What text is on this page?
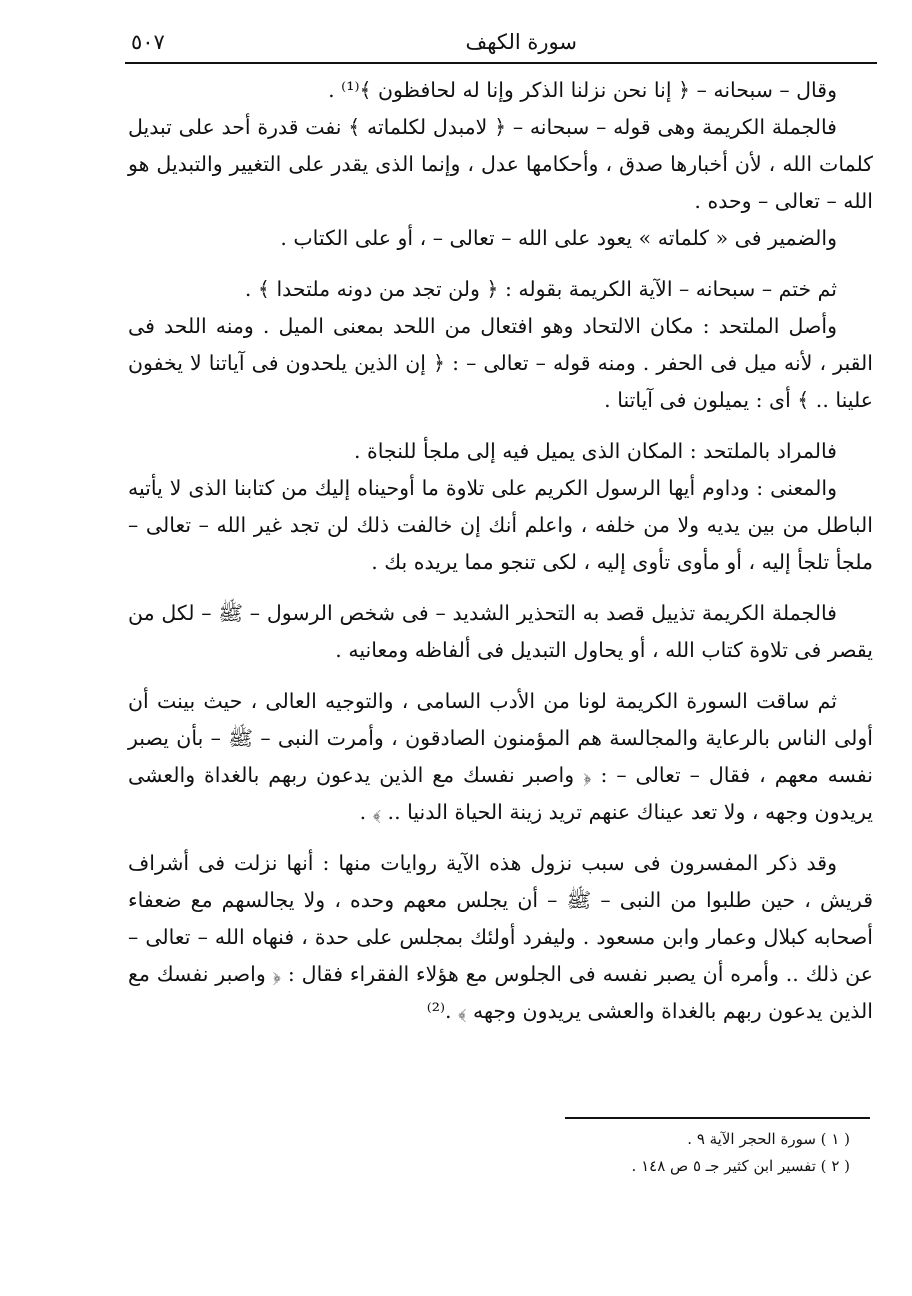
سورة الكهف
٥٠٧

وقال – سبحانه – ﴿ إنا نحن نزلنا الذكر وإنا له لحافظون ﴾⁽¹⁾ .

فالجملة الكريمة وهى قوله – سبحانه – ﴿ لامبدل لكلماته ﴾ نفت قدرة أحد على تبديل كلمات الله ، لأن أخبارها صدق ، وأحكامها عدل ، وإنما الذى يقدر على التغيير والتبديل هو الله – تعالى – وحده .

والضمير فى « كلماته » يعود على الله – تعالى – ، أو على الكتاب .

ثم ختم – سبحانه – الآية الكريمة بقوله : ﴿ ولن تجد من دونه ملتحدا ﴾ .

وأصل الملتحد : مكان الالتحاد وهو افتعال من اللحد بمعنى الميل . ومنه اللحد فى القبر ، لأنه ميل فى الحفر . ومنه قوله – تعالى – : ﴿ إن الذين يلحدون فى آياتنا لا يخفون علينا .. ﴾ أى : يميلون فى آياتنا .

فالمراد بالملتحد : المكان الذى يميل فيه إلى ملجأ للنجاة .

والمعنى : وداوم أيها الرسول الكريم على تلاوة ما أوحيناه إليك من كتابنا الذى لا يأتيه الباطل من بين يديه ولا من خلفه ، واعلم أنك إن خالفت ذلك لن تجد غير الله – تعالى – ملجأ تلجأ إليه ، أو مأوى تأوى إليه ، لكى تنجو مما يريده بك .

فالجملة الكريمة تذييل قصد به التحذير الشديد – فى شخص الرسول – ﷺ – لكل من يقصر فى تلاوة كتاب الله ، أو يحاول التبديل فى ألفاظه ومعانيه .

ثم ساقت السورة الكريمة لونا من الأدب السامى ، والتوجيه العالى ، حيث بينت أن أولى الناس بالرعاية والمجالسة هم المؤمنون الصادقون ، وأمرت النبى – ﷺ – بأن يصبر نفسه معهم ، فقال – تعالى – : ﴿ واصبر نفسك مع الذين يدعون ربهم بالغداة والعشى يريدون وجهه ، ولا تعد عيناك عنهم تريد زينة الحياة الدنيا .. ﴾ .

وقد ذكر المفسرون فى سبب نزول هذه الآية روايات منها : أنها نزلت فى أشراف قريش ، حين طلبوا من النبى – ﷺ – أن يجلس معهم وحده ، ولا يجالسهم مع ضعفاء أصحابه كبلال وعمار وابن مسعود . وليفرد أولئك بمجلس على حدة ، فنهاه الله – تعالى – عن ذلك .. وأمره أن يصبر نفسه فى الجلوس مع هؤلاء الفقراء فقال : ﴿ واصبر نفسك مع الذين يدعون ربهم بالغداة والعشى يريدون وجهه ﴾ .⁽²⁾

( ١ ) سورة الحجر الآية ٩ .
( ٢ ) تفسير ابن كثير جـ ٥ ص ١٤٨ .
